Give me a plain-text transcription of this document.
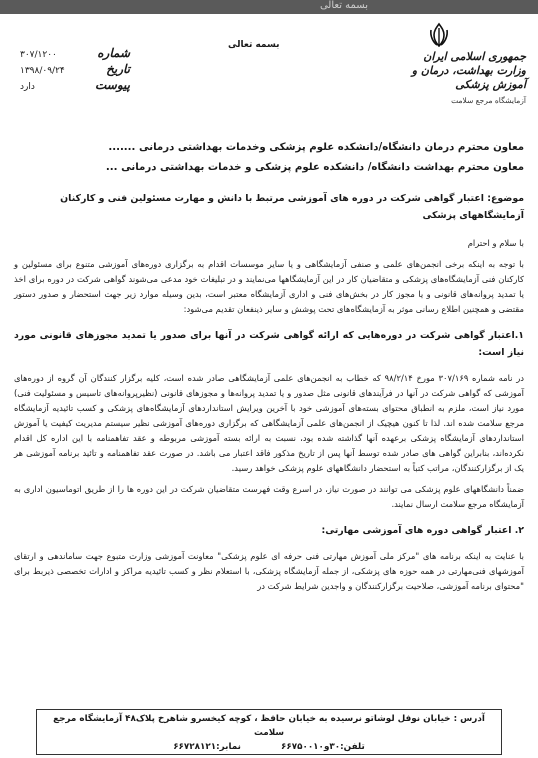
بسمه تعالی
جمهوری اسلامی ایران
وزارت بهداشت، درمان و آموزش پزشکی
آزمایشگاه مرجع سلامت
بسمه تعالی
شماره
۳۰۷/۱۲۰۰
تاریخ
۱۳۹۸/۰۹/۲۴
پیوست
دارد
معاون محترم درمان دانشگاه/دانشکده علوم پزشکی وخدمات بهداشتی درمانی .......
معاون محترم بهداشت دانشگاه/ دانشکده علوم پزشکی و خدمات بهداشتی درمانی ...
موضوع: اعتبار گواهی شرکت در دوره های آموزشی مرتبط با دانش و مهارت مسئولین فنی و کارکنان آزمایشگاههای پزشکی

با سلام و احترام

با توجه به اینکه برخی انجمن‌های علمی و صنفی آزمایشگاهی و یا سایر موسسات اقدام به برگزاری دوره‌های آموزشی متنوع برای مسئولین و کارکنان فنی آزمایشگاه‌های پزشکی و متقاضیان کار در این آزمایشگاهها می‌نمایند و در تبلیغات خود مدعی می‌شوند گواهی شرکت در دوره برای اخذ یا تمدید پروانه‌های قانونی و یا مجوز کار در بخش‌های فنی و اداری آزمایشگاه معتبر است، بدین وسیله موارد زیر جهت استحضار و صدور دستور مقتضی و همچنین اطلاع رسانی موثر به آزمایشگاه‌های تحت پوشش و سایر ذینفعان تقدیم می‌شود:

۱.اعتبار گواهی شرکت در دوره‌هایی که ارائه گواهی شرکت در آنها برای صدور یا تمدید مجوزهای قانونی مورد نیاز است:

در نامه شماره ۳۰۷/۱۶۹ مورخ ۹۸/۲/۱۴ که خطاب به انجمن‌های علمی آزمایشگاهی صادر شده است، کلیه برگزار کنندگان آن گروه از دوره‌های آموزشی که گواهی شرکت در آنها در فرآیندهای قانونی مثل صدور و یا تمدید پروانه‌ها و مجوزهای قانونی (نظیرپروانه‌های تاسیس و مسئولیت فنی) مورد نیاز است، ملزم به انطباق محتوای بسته‌های آموزشی خود با آخرین ویرایش استانداردهای آزمایشگاه‌های پزشکی و کسب تائیدیه آزمایشگاه مرجع سلامت شده اند. لذا تا کنون هیچیک از انجمن‌های علمی آزمایشگاهی که برگزاری دوره‌های آموزشی نظیر سیستم مدیریت کیفیت یا آموزش استانداردهای آزمایشگاه پزشکی برعهده آنها گذاشته شده بود، نسبت به ارائه بسته آموزشی مربوطه و عقد تفاهمنامه با این اداره کل اقدام نکرده‌اند، بنابراین گواهی های صادر شده توسط آنها پس از تاریخ مذکور فاقد اعتبار می باشد. در صورت عقد تفاهمنامه و تائید برنامه آموزشی هر یک از برگزارکنندگان، مراتب کتباً به استحضار دانشگاههای علوم پزشکی خواهد رسید.

ضمناً دانشگاههای علوم پزشکی می توانند در صورت نیاز، در اسرع وقت فهرست متقاضیان شرکت در این دوره ها را از طریق اتوماسیون اداری به آزمایشگاه مرجع سلامت ارسال نمایند.

۲. اعتبار گواهی دوره های آموزشی مهارتی:

با عنایت به اینکه برنامه های "مرکز ملی آموزش مهارتی فنی حرفه ای علوم پزشکی" معاونت آموزشی وزارت متبوع جهت ساماندهی و ارتقای آموزشهای فنی‌مهارتی در همه حوزه های پزشکی، از جمله آزمایشگاه پزشکی، با استعلام نظر و کسب تائیدیه مراکز و ادارات تخصصی ذیربط برای "محتوای برنامه آموزشی، صلاحیت برگزارکنندگان و واجدین شرایط شرکت در

آدرس : خیابان نوفل لوشاتو نرسیده به خیابان حافظ ، کوچه کیخسرو شاهرخ پلاک۴۸ آزمایشگاه مرجع سلامت
تلفن:۳۰و۶۶۷۵۰۰۱۰
نمابر:۶۶۷۲۸۱۲۱
